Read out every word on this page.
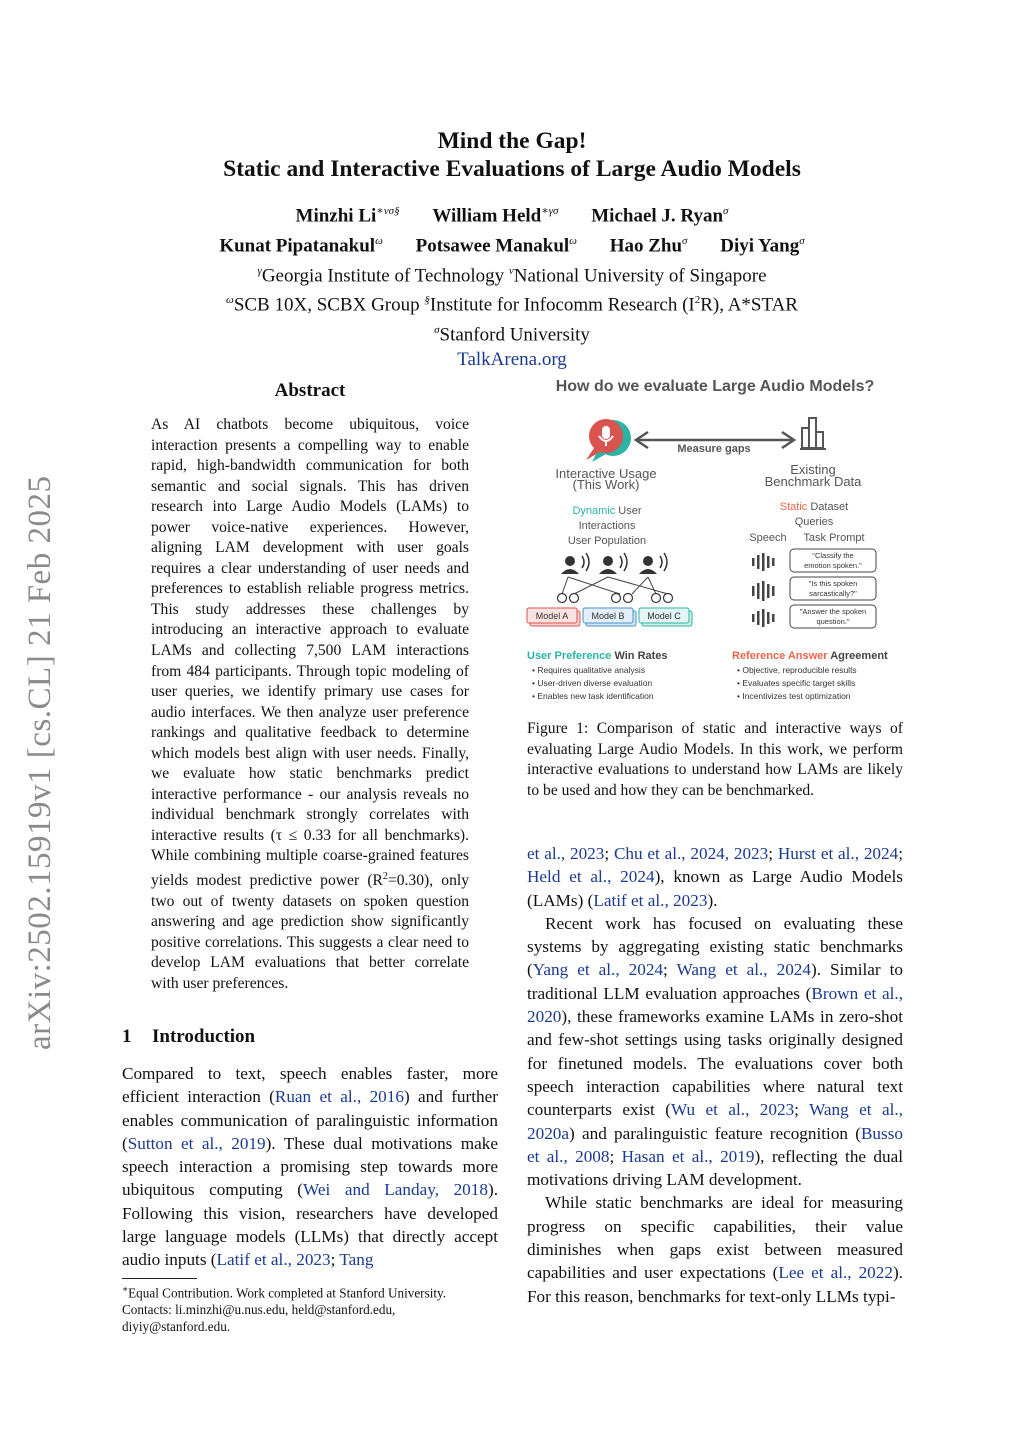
arXiv:2502.15919v1 [cs.CL] 21 Feb 2025
Mind the Gap!
Static and Interactive Evaluations of Large Audio Models
Minzhi $Li^{∗\nu\sigma\S}$ William Held$^{∗\gamma\sigma}$ Michael J. Ryan$^\sigma$
Kunat Pipatanakul$^\omega$ Potsawee Manakul$^\omega$ Hao Zhu$^\sigma$ Diyi Yang$^\sigma$
$^\gamma$Georgia Institute of Technology $^\nu$National University of Singapore
$^\omega$SCB 10X, SCBX Group §Institute for Infocomm Research $(I^2R)$, A*STAR
$^\sigma$Stanford University
TalkArena.org
Abstract
As AI chatbots become ubiquitous, voice interaction presents a compelling way to enable rapid, high-bandwidth communication for both semantic and social signals. This has driven research into Large Audio Models (LAMs) to power voice-native experiences. However, aligning LAM development with user goals requires a clear understanding of user needs and preferences to establish reliable progress metrics. This study addresses these challenges by introducing an interactive approach to evaluate LAMs and collecting 7,500 LAM interactions from 484 participants. Through topic modeling of user queries, we identify primary use cases for audio interfaces. We then analyze user preference rankings and qualitative feedback to determine which models best align with user needs. Finally, we evaluate how static benchmarks predict interactive performance - our analysis reveals no individual benchmark strongly correlates with interactive results (τ ≤ 0.33 for all benchmarks). While combining multiple coarse-grained features yields modest predictive power $(R^2=0.30)$, only two out of twenty datasets on spoken question answering and age prediction show significantly positive correlations. This suggests a clear need to develop LAM evaluations that better correlate with user preferences.
1 Introduction
Compared to text, speech enables faster, more efficient interaction (Ruan et al., 2016) and further enables communication of paralinguistic information (Sutton et al., 2019). These dual motivations make speech interaction a promising step towards more ubiquitous computing (Wei and Landay, 2018). Following this vision, researchers have developed large language models (LLMs) that directly accept audio inputs (Latif et al., 2023; Tang
∗Equal Contribution. Work completed at Stanford University. Contacts: li.minzhi@u.nus.edu, held@stanford.edu, diyiy@stanford.edu.
How do we evaluate Large Audio Models?
Measure gaps
Interactive Usage
(This Work)
Existing
Benchmark Data
Dynamic User
Interactions
User Population
Model A	Model B	Model C
Static Dataset
Queries
Speech Task Prompt
"Classify the
emotion spoken."
"Is this spoken
sarcastically?"
"Answer the spoken
question."
User Preference Win Rates
• Requires qualitative analysis
• User-driven diverse evaluation
• Enables new task identification
Reference Answer Agreement
• Objective, reproducible results
• Evaluates specific target skills
• Incentivizes test optimization
Figure 1: Comparison of static and interactive ways of evaluating Large Audio Models. In this work, we perform interactive evaluations to understand how LAMs are likely to be used and how they can be benchmarked.

et al., 2023; Chu et al., 2024, 2023; Hurst et al., 2024; Held et al., 2024), known as Large Audio Models (LAMs) (Latif et al., 2023).

Recent work has focused on evaluating these systems by aggregating existing static benchmarks (Yang et al., 2024; Wang et al., 2024). Similar to traditional LLM evaluation approaches (Brown et al., 2020), these frameworks examine LAMs in zero-shot and few-shot settings using tasks originally designed for finetuned models. The evaluations cover both speech interaction capabilities where natural text counterparts exist (Wu et al., 2023; Wang et al., 2020a) and paralinguistic feature recognition (Busso et al., 2008; Hasan et al., 2019), reflecting the dual motivations driving LAM development.

While static benchmarks are ideal for measuring progress on specific capabilities, their value diminishes when gaps exist between measured capabilities and user expectations (Lee et al., 2022). For this reason, benchmarks for text-only LLMs typi-
